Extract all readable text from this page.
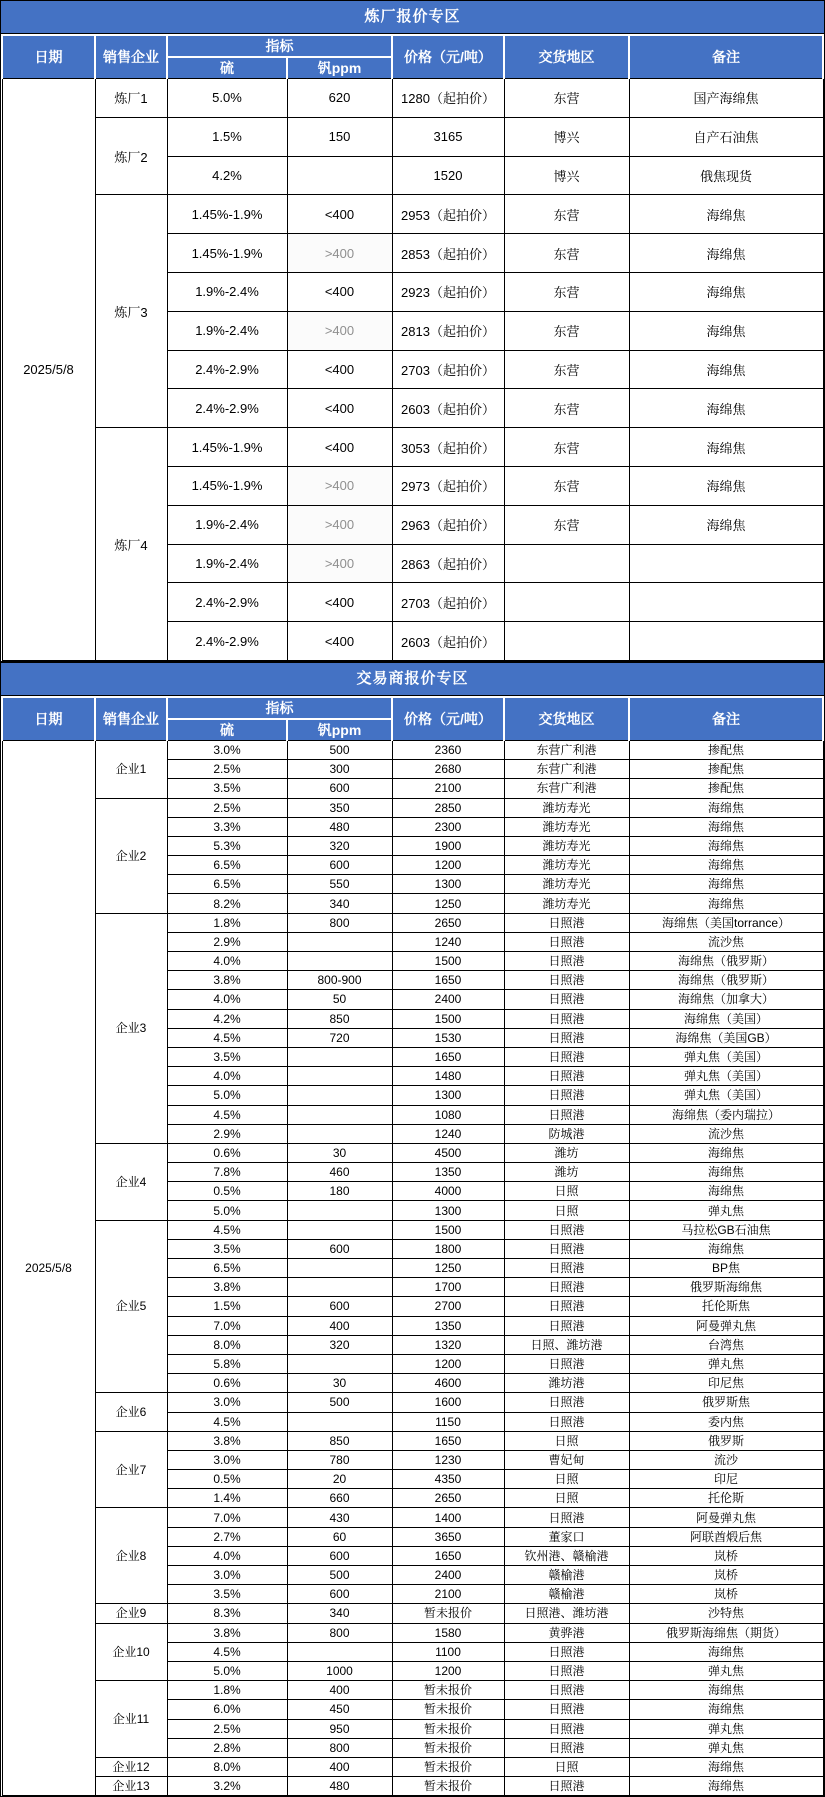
炼厂报价专区
日期	销售企业	指标		价格（元/吨）	交货地区	备注
		硫	钒ppm			
2025/5/8	炼厂1	5.0%	620	1280（起拍价）	东营	国产海绵焦
	炼厂2	1.5%	150	3165	博兴	自产石油焦
		4.2%		1520	博兴	俄焦现货
	炼厂3	1.45%-1.9%	<400	2953（起拍价）	东营	海绵焦
		1.45%-1.9%	>400	2853（起拍价）	东营	海绵焦
		1.9%-2.4%	<400	2923（起拍价）	东营	海绵焦
		1.9%-2.4%	>400	2813（起拍价）	东营	海绵焦
		2.4%-2.9%	<400	2703（起拍价）	东营	海绵焦
		2.4%-2.9%	<400	2603（起拍价）	东营	海绵焦
	炼厂4	1.45%-1.9%	<400	3053（起拍价）	东营	海绵焦
		1.45%-1.9%	>400	2973（起拍价）	东营	海绵焦
		1.9%-2.4%	>400	2963（起拍价）	东营	海绵焦
		1.9%-2.4%	>400	2863（起拍价）		
		2.4%-2.9%	<400	2703（起拍价）		
		2.4%-2.9%	<400	2603（起拍价）		
交易商报价专区
日期	销售企业	指标		价格（元/吨）	交货地区	备注
		硫	钒ppm			
2025/5/8	企业1	3.0%	500	2360	东营广利港	掺配焦
		2.5%	300	2680	东营广利港	掺配焦
		3.5%	600	2100	东营广利港	掺配焦
	企业2	2.5%	350	2850	潍坊寿光	海绵焦
		3.3%	480	2300	潍坊寿光	海绵焦
		5.3%	320	1900	潍坊寿光	海绵焦
		6.5%	600	1200	潍坊寿光	海绵焦
		6.5%	550	1300	潍坊寿光	海绵焦
		8.2%	340	1250	潍坊寿光	海绵焦
	企业3	1.8%	800	2650	日照港	海绵焦（美国torrance）
		2.9%		1240	日照港	流沙焦
		4.0%		1500	日照港	海绵焦（俄罗斯）
		3.8%	800-900	1650	日照港	海绵焦（俄罗斯）
		4.0%	50	2400	日照港	海绵焦（加拿大）
		4.2%	850	1500	日照港	海绵焦（美国）
		4.5%	720	1530	日照港	海绵焦（美国GB）
		3.5%		1650	日照港	弹丸焦（美国）
		4.0%		1480	日照港	弹丸焦（美国）
		5.0%		1300	日照港	弹丸焦（美国）
		4.5%		1080	日照港	海绵焦（委内瑞拉）
		2.9%		1240	防城港	流沙焦
	企业4	0.6%	30	4500	潍坊	海绵焦
		7.8%	460	1350	潍坊	海绵焦
		0.5%	180	4000	日照	海绵焦
		5.0%		1300	日照	弹丸焦
	企业5	4.5%		1500	日照港	马拉松GB石油焦
		3.5%	600	1800	日照港	海绵焦
		6.5%		1250	日照港	BP焦
		3.8%		1700	日照港	俄罗斯海绵焦
		1.5%	600	2700	日照港	托伦斯焦
		7.0%	400	1350	日照港	阿曼弹丸焦
		8.0%	320	1320	日照、潍坊港	台湾焦
		5.8%		1200	日照港	弹丸焦
		0.6%	30	4600	潍坊港	印尼焦
	企业6	3.0%	500	1600	日照港	俄罗斯焦
		4.5%		1150	日照港	委内焦
	企业7	3.8%	850	1650	日照	俄罗斯
		3.0%	780	1230	曹妃甸	流沙
		0.5%	20	4350	日照	印尼
		1.4%	660	2650	日照	托伦斯
	企业8	7.0%	430	1400	日照港	阿曼弹丸焦
		2.7%	60	3650	董家口	阿联酋煅后焦
		4.0%	600	1650	钦州港、赣榆港	岚桥
		3.0%	500	2400	赣榆港	岚桥
		3.5%	600	2100	赣榆港	岚桥
	企业9	8.3%	340	暂未报价	日照港、潍坊港	沙特焦
	企业10	3.8%	800	1580	黄骅港	俄罗斯海绵焦（期货）
		4.5%		1100	日照港	海绵焦
		5.0%	1000	1200	日照港	弹丸焦
	企业11	1.8%	400	暂未报价	日照港	海绵焦
		6.0%	450	暂未报价	日照港	海绵焦
		2.5%	950	暂未报价	日照港	弹丸焦
		2.8%	800	暂未报价	日照港	弹丸焦
	企业12	8.0%	400	暂未报价	日照	海绵焦
	企业13	3.2%	480	暂未报价	日照港	海绵焦
